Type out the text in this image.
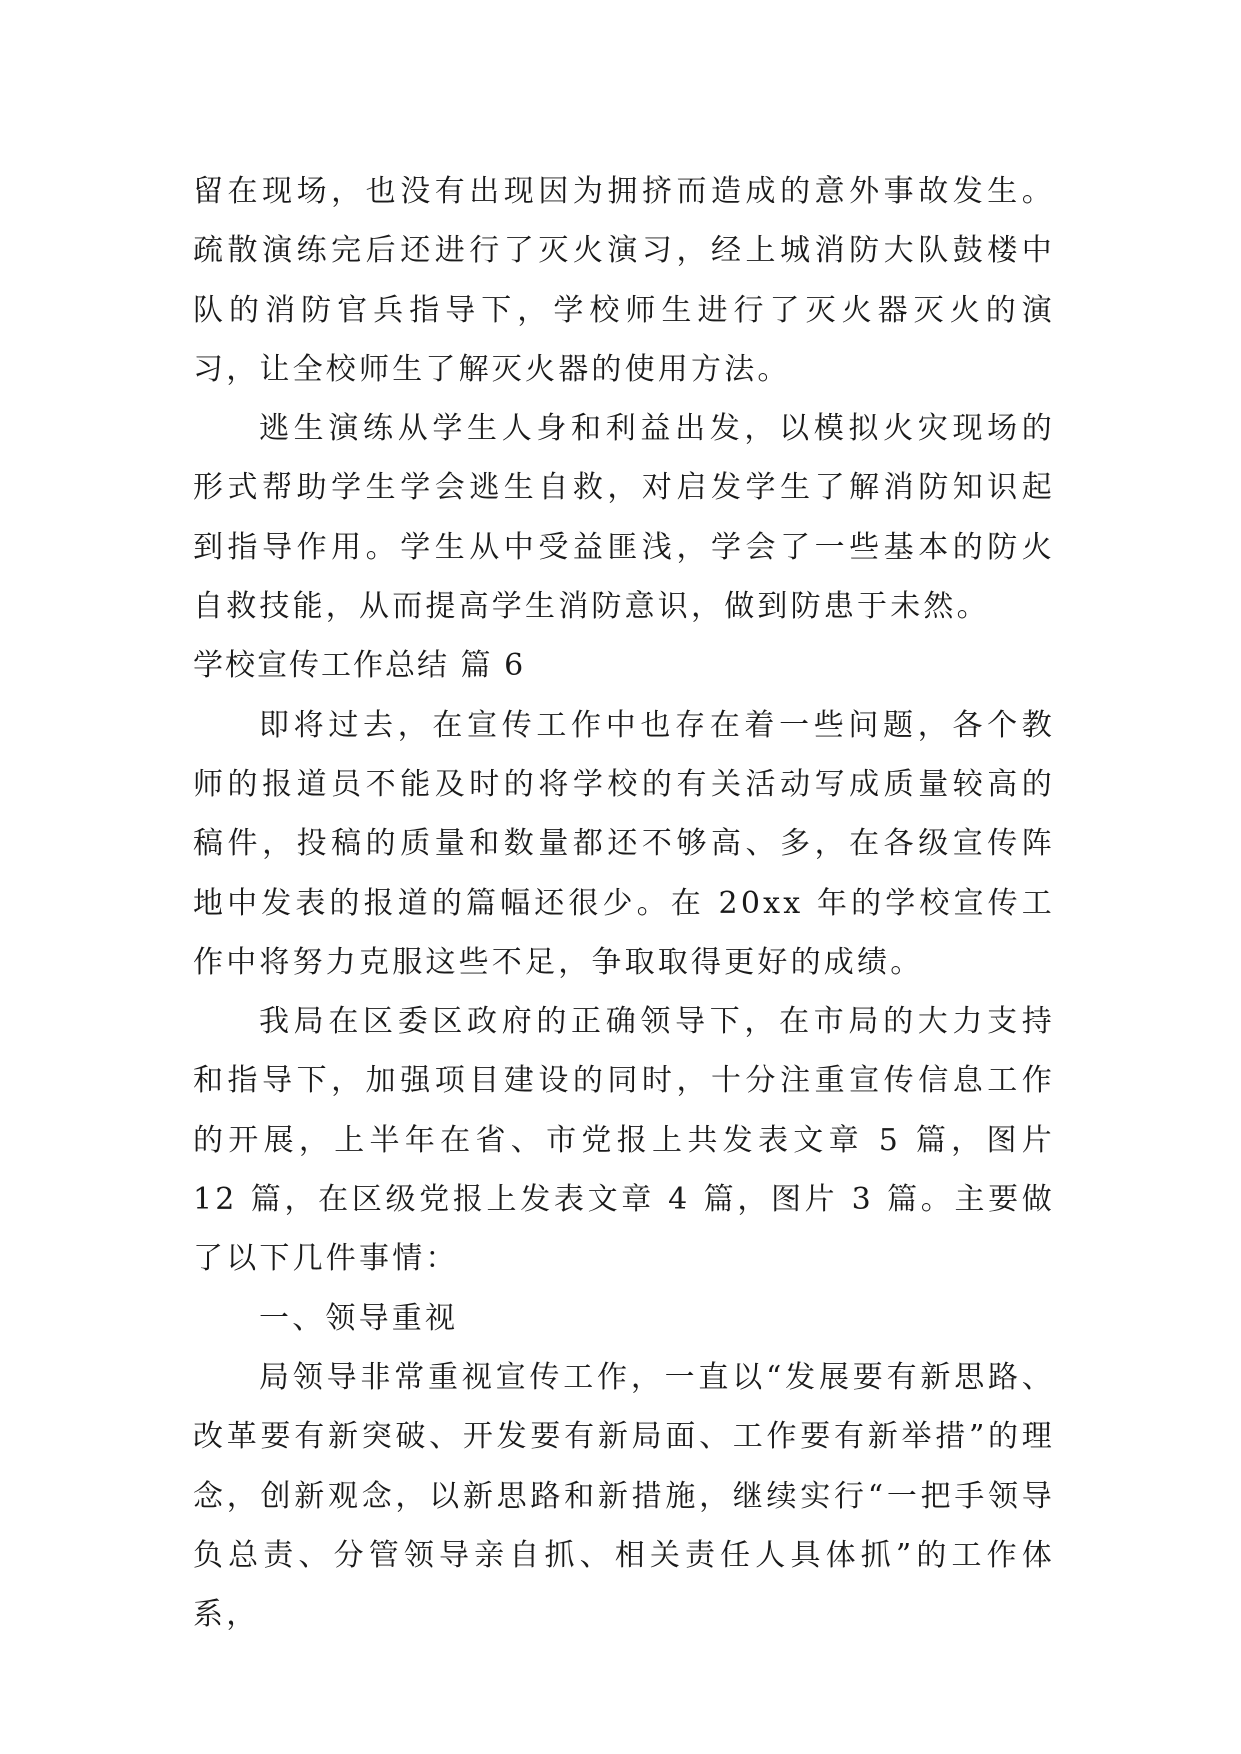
留在现场，也没有出现因为拥挤而造成的意外事故发生。疏散演练完后还进行了灭火演习，经上城消防大队鼓楼中队的消防官兵指导下，学校师生进行了灭火器灭火的演习，让全校师生了解灭火器的使用方法。

逃生演练从学生人身和利益出发，以模拟火灾现场的形式帮助学生学会逃生自救，对启发学生了解消防知识起到指导作用。学生从中受益匪浅，学会了一些基本的防火自救技能，从而提高学生消防意识，做到防患于未然。

学校宣传工作总结 篇 6

即将过去，在宣传工作中也存在着一些问题，各个教师的报道员不能及时的将学校的有关活动写成质量较高的稿件，投稿的质量和数量都还不够高、多，在各级宣传阵地中发表的报道的篇幅还很少。在 20xx 年的学校宣传工作中将努力克服这些不足，争取取得更好的成绩。

我局在区委区政府的正确领导下，在市局的大力支持和指导下，加强项目建设的同时，十分注重宣传信息工作的开展，上半年在省、市党报上共发表文章 5 篇，图片 12 篇，在区级党报上发表文章 4 篇，图片 3 篇。主要做了以下几件事情：

一、领导重视

局领导非常重视宣传工作，一直以“发展要有新思路、改革要有新突破、开发要有新局面、工作要有新举措”的理念，创新观念，以新思路和新措施，继续实行“一把手领导负总责、分管领导亲自抓、相关责任人具体抓”的工作体系，
